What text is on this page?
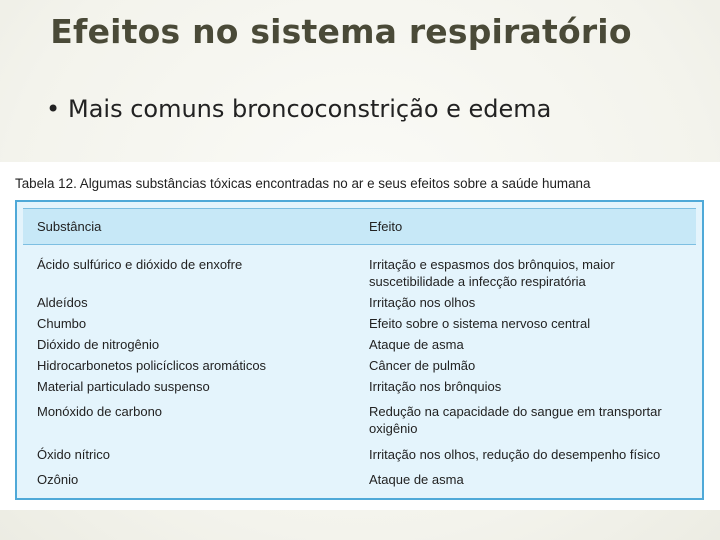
Efeitos no sistema respiratório
• Mais comuns broncoconstrição e edema
Tabela 12. Algumas substâncias tóxicas encontradas no ar e seus efeitos sobre a saúde humana
Substância	Efeito
Ácido sulfúrico e dióxido de enxofre	Irritação e espasmos dos brônquios, maior suscetibilidade a infecção respiratória
Aldeídos	Irritação nos olhos
Chumbo	Efeito sobre o sistema nervoso central
Dióxido de nitrogênio	Ataque de asma
Hidrocarbonetos policíclicos aromáticos	Câncer de pulmão
Material particulado suspenso	Irritação nos brônquios
Monóxido de carbono	Redução na capacidade do sangue em transportar oxigênio
Óxido nítrico	Irritação nos olhos, redução do desempenho físico
Ozônio	Ataque de asma
